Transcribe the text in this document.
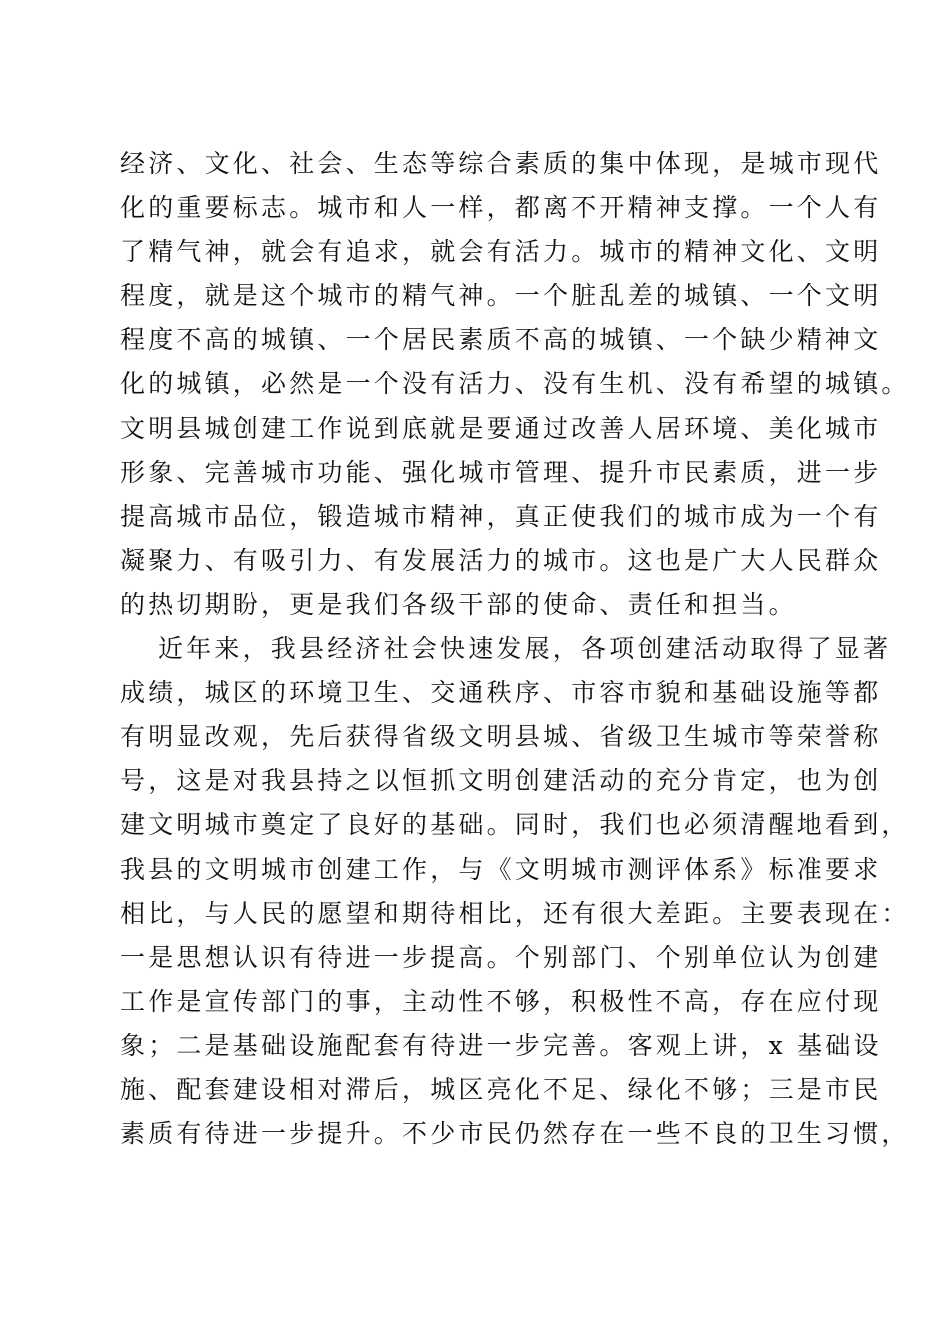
经济、文化、社会、生态等综合素质的集中体现，是城市现代
化的重要标志。城市和人一样，都离不开精神支撑。一个人有
了精气神，就会有追求，就会有活力。城市的精神文化、文明
程度，就是这个城市的精气神。一个脏乱差的城镇、一个文明
程度不高的城镇、一个居民素质不高的城镇、一个缺少精神文
化的城镇，必然是一个没有活力、没有生机、没有希望的城镇。
文明县城创建工作说到底就是要通过改善人居环境、美化城市
形象、完善城市功能、强化城市管理、提升市民素质，进一步
提高城市品位，锻造城市精神，真正使我们的城市成为一个有
凝聚力、有吸引力、有发展活力的城市。这也是广大人民群众
的热切期盼，更是我们各级干部的使命、责任和担当。
近年来，我县经济社会快速发展，各项创建活动取得了显著
成绩，城区的环境卫生、交通秩序、市容市貌和基础设施等都
有明显改观，先后获得省级文明县城、省级卫生城市等荣誉称
号，这是对我县持之以恒抓文明创建活动的充分肯定，也为创
建文明城市奠定了良好的基础。同时，我们也必须清醒地看到，
我县的文明城市创建工作，与《文明城市测评体系》标准要求
相比，与人民的愿望和期待相比，还有很大差距。主要表现在：
一是思想认识有待进一步提高。个别部门、个别单位认为创建
工作是宣传部门的事，主动性不够，积极性不高，存在应付现
象；二是基础设施配套有待进一步完善。客观上讲，x 基础设
施、配套建设相对滞后，城区亮化不足、绿化不够；三是市民
素质有待进一步提升。不少市民仍然存在一些不良的卫生习惯，
